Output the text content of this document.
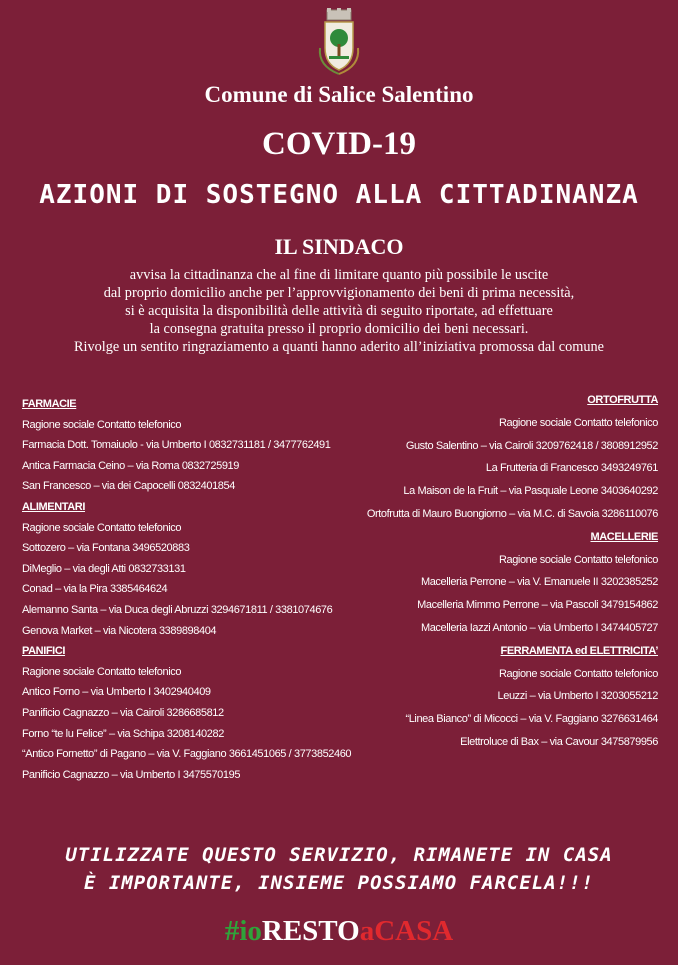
Comune di Salice Salentino
COVID-19
AZIONI DI SOSTEGNO ALLA CITTADINANZA
IL SINDACO
avvisa la cittadinanza che al fine di limitare quanto più possibile le uscite
dal proprio domicilio anche per l’approvvigionamento dei beni di prima necessità,
si è acquisita la disponibilità delle attività di seguito riportate, ad effettuare
la consegna gratuita presso il proprio domicilio dei beni necessari.
Rivolge un sentito ringraziamento a quanti hanno aderito all’iniziativa promossa dal comune
FARMACIE
Ragione sociale Contatto telefonico
Farmacia Dott. Tomaiuolo - via Umberto I 0832731181 / 3477762491
Antica Farmacia Ceino – via Roma 0832725919
San Francesco – via dei Capocelli 0832401854
ALIMENTARI
Ragione sociale Contatto telefonico
Sottozero – via Fontana 3496520883
DiMeglio – via degli Atti 0832733131
Conad – via la Pira 3385464624
Alemanno Santa – via Duca degli Abruzzi 3294671811 / 3381074676
Genova Market – via Nicotera 3389898404
PANIFICI
Ragione sociale Contatto telefonico
Antico Forno – via Umberto I 3402940409
Panificio Cagnazzo – via Cairoli 3286685812
Forno “te lu Felice” – via Schipa 3208140282
“Antico Fornetto” di Pagano – via V. Faggiano 3661451065 / 3773852460
Panificio Cagnazzo – via Umberto I 3475570195
ORTOFRUTTA
Ragione sociale Contatto telefonico
Gusto Salentino – via Cairoli 3209762418 / 3808912952
La Frutteria di Francesco 3493249761
La Maison de la Fruit – via Pasquale Leone 3403640292
Ortofrutta di Mauro Buongiorno – via M.C. di Savoia 3286110076
MACELLERIE
Ragione sociale Contatto telefonico
Macelleria Perrone – via V. Emanuele II 3202385252
Macelleria Mimmo Perrone – via Pascoli 3479154862
Macelleria Iazzi Antonio – via Umberto I 3474405727
FERRAMENTA ed ELETTRICITA’
Ragione sociale Contatto telefonico
Leuzzi – via Umberto I 3203055212
“Linea Bianco” di Micocci – via V. Faggiano 3276631464
Elettroluce di Bax – via Cavour 3475879956
UTILIZZATE QUESTO SERVIZIO, RIMANETE IN CASA
È IMPORTANTE, INSIEME POSSIAMO FARCELA!!!
#ioRESTOaCASA
